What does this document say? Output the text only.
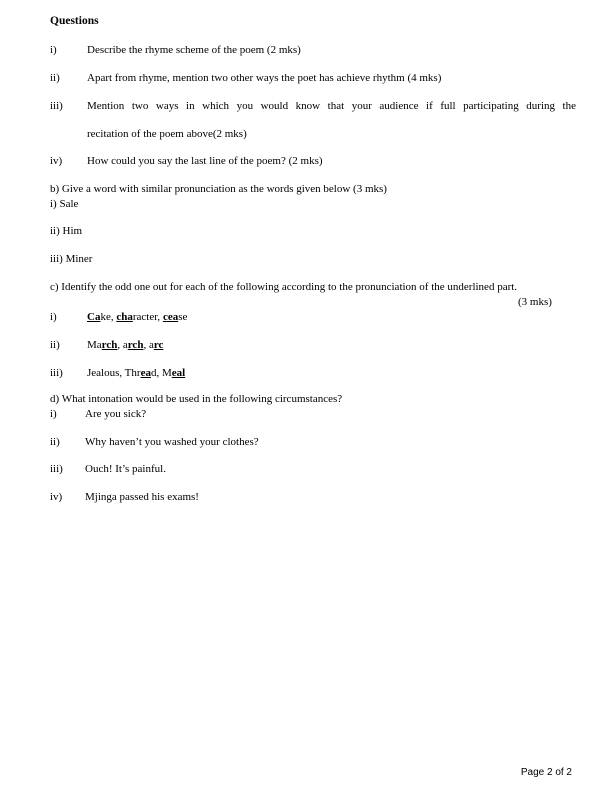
Questions
i)	Describe the rhyme scheme of the poem (2 mks)
ii) Apart from rhyme, mention two other ways the poet has achieve rhythm (4 mks)
iii) Mention two ways in which you would know that your audience if full participating during the
recitation of the poem above(2 mks)
iv) How could you say the last line of the poem? (2 mks)
b) Give a word with similar pronunciation as the words given below (3 mks)
i) Sale
ii) Him
iii) Miner
c) Identify the odd one out for each of the following according to the pronunciation of the underlined part.
(3 mks)
i)	Cake, character, cease
ii) March, arch, arc
iii) Jealous, Thread, Meal
d) What intonation would be used in the following circumstances?
i)	Are you sick?
ii) Why haven’t you washed your clothes?
iii) Ouch! It’s painful.
iv) Mjinga passed his exams!
Page 2 of 2
